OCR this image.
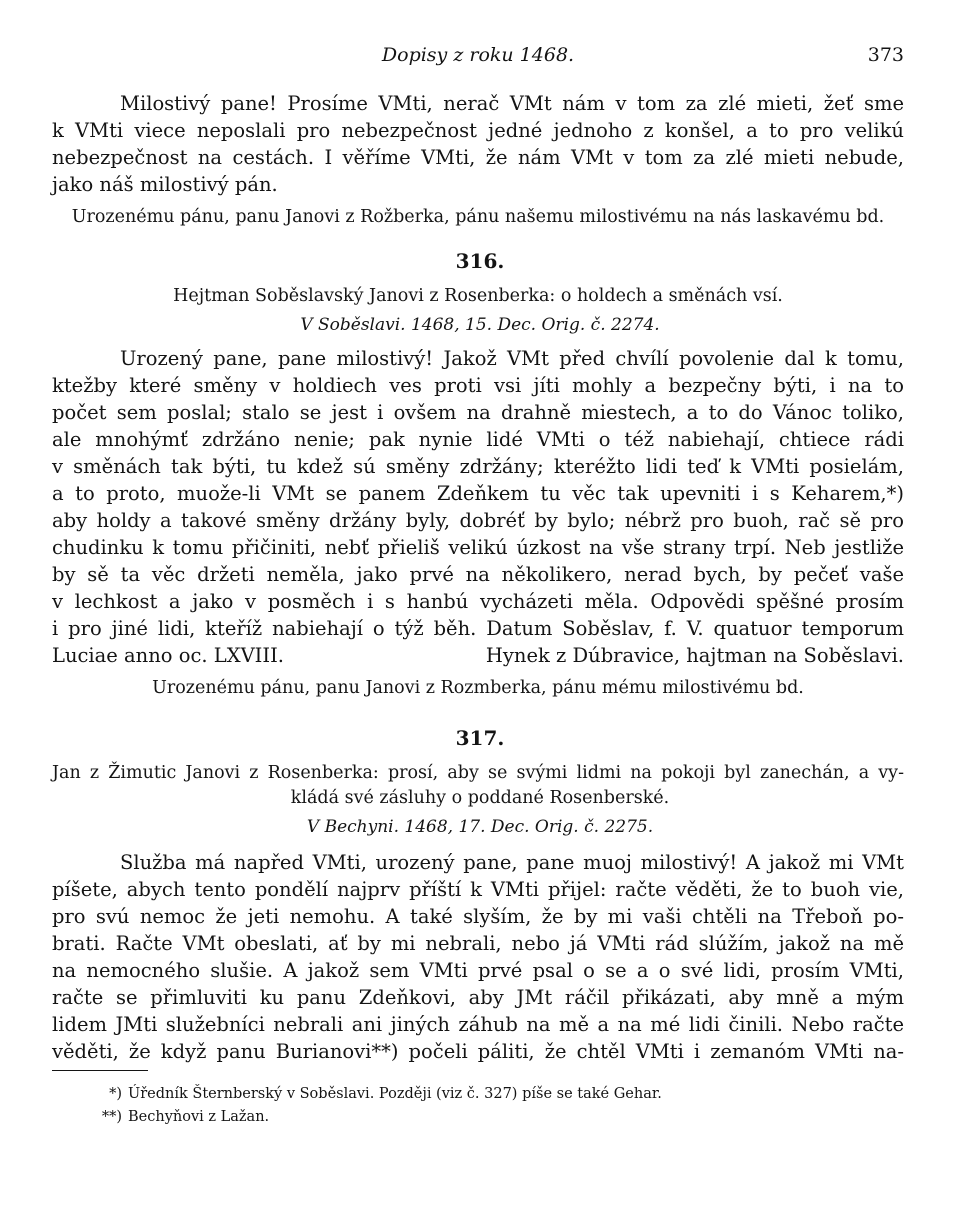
Dopisy z roku 1468.	373
Milostivý pane! Prosíme VMti, nerač VMt nám v tom za zlé mieti, žeť sme
k VMti viece neposlali pro nebezpečnost jedné jednoho z konšel, a to pro velikú
nebezpečnost na cestách. I věříme VMti, že nám VMt v tom za zlé mieti nebude,
jako náš milostivý pán.
Urozenému pánu, panu Janovi z Rožberka, pánu našemu milostivému na nás laskavému bd.
316.
Hejtman Soběslavský Janovi z Rosenberka: o holdech a směnách vsí.
V Soběslavi. 1468, 15. Dec. Orig. č. 2274.
Urozený pane, pane milostivý! Jakož VMt před chvílí povolenie dal k tomu,
ktežby které směny v holdiech ves proti vsi jíti mohly a bezpečny býti, i na to
počet sem poslal; stalo se jest i ovšem na drahně miestech, a to do Vánoc toliko,
ale mnohýmť zdržáno nenie; pak nynie lidé VMti o též nabiehají, chtiece rádi
v směnách tak býti, tu kdež sú směny zdržány; kteréžto lidi teď k VMti posielám,
a to proto, muože-li VMt se panem Zdeňkem tu věc tak upevniti i s Keharem,*)
aby holdy a takové směny držány byly, dobréť by bylo; nébrž pro buoh, rač sě pro
chudinku k tomu přičiniti, nebť přieliš velikú úzkost na vše strany trpí. Neb jestliže
by sě ta věc držeti neměla, jako prvé na několikero, nerad bych, by pečeť vaše
v lechkost a jako v posměch i s hanbú vycházeti měla. Odpovědi spěšné prosím
i pro jiné lidi, kteříž nabiehají o týž běh. Datum Soběslav, f. V. quatuor temporum
Luciae anno oc. LXVIII.	Hynek z Dúbravice, hajtman na Soběslavi.
Urozenému pánu, panu Janovi z Rozmberka, pánu mému milostivému bd.
317.
Jan z Žimutic Janovi z Rosenberka: prosí, aby se svými lidmi na pokoji byl zanechán, a vy-
kládá své zásluhy o poddané Rosenberské.
V Bechyni. 1468, 17. Dec. Orig. č. 2275.
Služba má napřed VMti, urozený pane, pane muoj milostivý! A jakož mi VMt
píšete, abych tento pondělí najprv příští k VMti přijel: račte věděti, že to buoh vie,
pro svú nemoc že jeti nemohu. A také slyším, že by mi vaši chtěli na Třeboň po-
brati. Račte VMt obeslati, ať by mi nebrali, nebo já VMti rád slúžím, jakož na mě
na nemocného slušie. A jakož sem VMti prvé psal o se a o své lidi, prosím VMti,
račte se přimluviti ku panu Zdeňkovi, aby JMt ráčil přikázati, aby mně a mým
lidem JMti služebníci nebrali ani jiných záhub na mě a na mé lidi činili. Nebo račte
věděti, že když panu Burianovi**) počeli páliti, že chtěl VMti i zemanóm VMti na-
*) Úředník Šternberský v Soběslavi. Později (viz č. 327) píše se také Gehar.
**) Bechyňovi z Lažan.
